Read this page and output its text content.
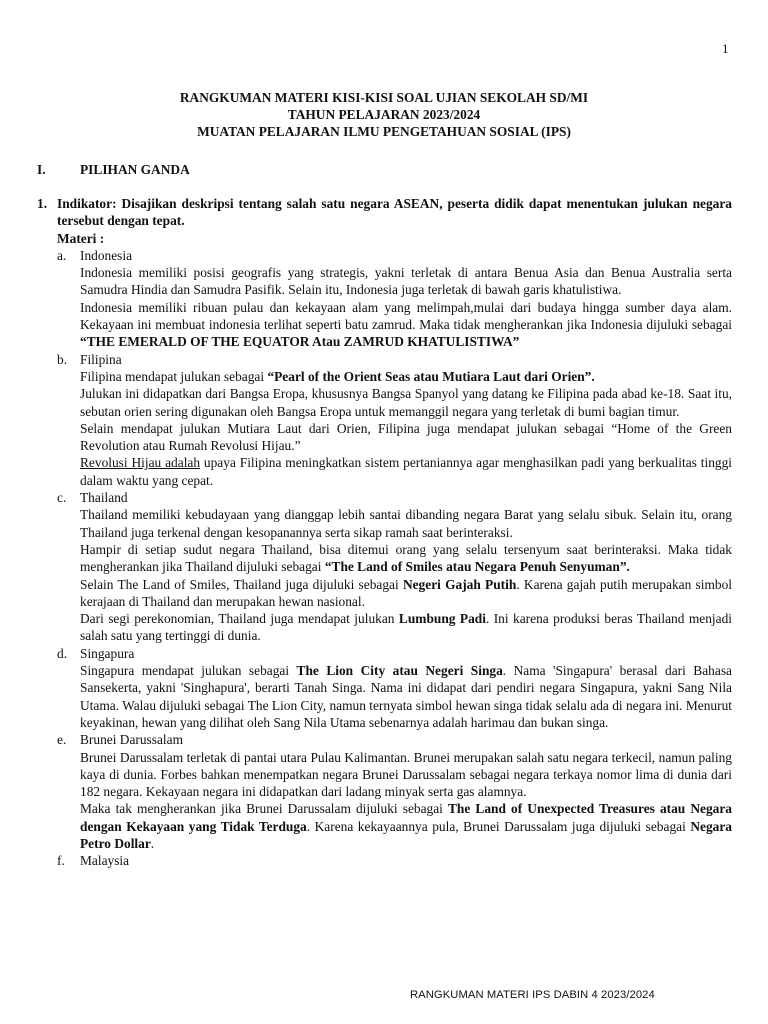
1
RANGKUMAN MATERI KISI-KISI SOAL UJIAN SEKOLAH SD/MI
TAHUN PELAJARAN 2023/2024
MUATAN PELAJARAN ILMU PENGETAHUAN SOSIAL (IPS)
I.	PILIHAN GANDA
1. Indikator: Disajikan deskripsi tentang salah satu negara ASEAN, peserta didik dapat menentukan julukan negara tersebut dengan tepat.
Materi :
a.	Indonesia

Indonesia memiliki posisi geografis yang strategis, yakni terletak di antara Benua Asia dan Benua Australia serta Samudra Hindia dan Samudra Pasifik. Selain itu, Indonesia juga terletak di bawah garis khatulistiwa.

Indonesia memiliki ribuan pulau dan kekayaan alam yang melimpah,mulai dari budaya hingga sumber daya alam. Kekayaan ini membuat indonesia terlihat seperti batu zamrud. Maka tidak mengherankan jika Indonesia dijuluki sebagai “THE EMERALD OF THE EQUATOR Atau ZAMRUD KHATULISTIWA”

b. Filipina

Filipina mendapat julukan sebagai “Pearl of the Orient Seas atau Mutiara Laut dari Orien”.

Julukan ini didapatkan dari Bangsa Eropa, khususnya Bangsa Spanyol yang datang ke Filipina pada abad ke-18. Saat itu, sebutan orien sering digunakan oleh Bangsa Eropa untuk memanggil negara yang terletak di bumi bagian timur.

Selain mendapat julukan Mutiara Laut dari Orien, Filipina juga mendapat julukan sebagai “Home of the Green Revolution atau Rumah Revolusi Hijau.”

Revolusi Hijau adalah upaya Filipina meningkatkan sistem pertaniannya agar menghasilkan padi yang berkualitas tinggi dalam waktu yang cepat.

c.	Thailand

Thailand memiliki kebudayaan yang dianggap lebih santai dibanding negara Barat yang selalu sibuk. Selain itu, orang Thailand juga terkenal dengan kesopanannya serta sikap ramah saat berinteraksi.

Hampir di setiap sudut negara Thailand, bisa ditemui orang yang selalu tersenyum saat berinteraksi. Maka tidak mengherankan jika Thailand dijuluki sebagai “The Land of Smiles atau Negara Penuh Senyuman”.

Selain The Land of Smiles, Thailand juga dijuluki sebagai Negeri Gajah Putih. Karena gajah putih merupakan simbol kerajaan di Thailand dan merupakan hewan nasional.

Dari segi perekonomian, Thailand juga mendapat julukan Lumbung Padi. Ini karena produksi beras Thailand menjadi salah satu yang tertinggi di dunia.

d. Singapura

Singapura mendapat julukan sebagai The Lion City atau Negeri Singa. Nama 'Singapura' berasal dari Bahasa Sansekerta, yakni 'Singhapura', berarti Tanah Singa. Nama ini didapat dari pendiri negara Singapura, yakni Sang Nila Utama. Walau dijuluki sebagai The Lion City, namun ternyata simbol hewan singa tidak selalu ada di negara ini. Menurut keyakinan, hewan yang dilihat oleh Sang Nila Utama sebenarnya adalah harimau dan bukan singa.

e.	Brunei Darussalam

Brunei Darussalam terletak di pantai utara Pulau Kalimantan. Brunei merupakan salah satu negara terkecil, namun paling kaya di dunia. Forbes bahkan menempatkan negara Brunei Darussalam sebagai negara terkaya nomor lima di dunia dari 182 negara. Kekayaan negara ini didapatkan dari ladang minyak serta gas alamnya.

Maka tak mengherankan jika Brunei Darussalam dijuluki sebagai The Land of Unexpected Treasures atau Negara dengan Kekayaan yang Tidak Terduga. Karena kekayaannya pula, Brunei Darussalam juga dijuluki sebagai Negara Petro Dollar.

f.	Malaysia
RANGKUMAN MATERI IPS DABIN 4 2023/2024
